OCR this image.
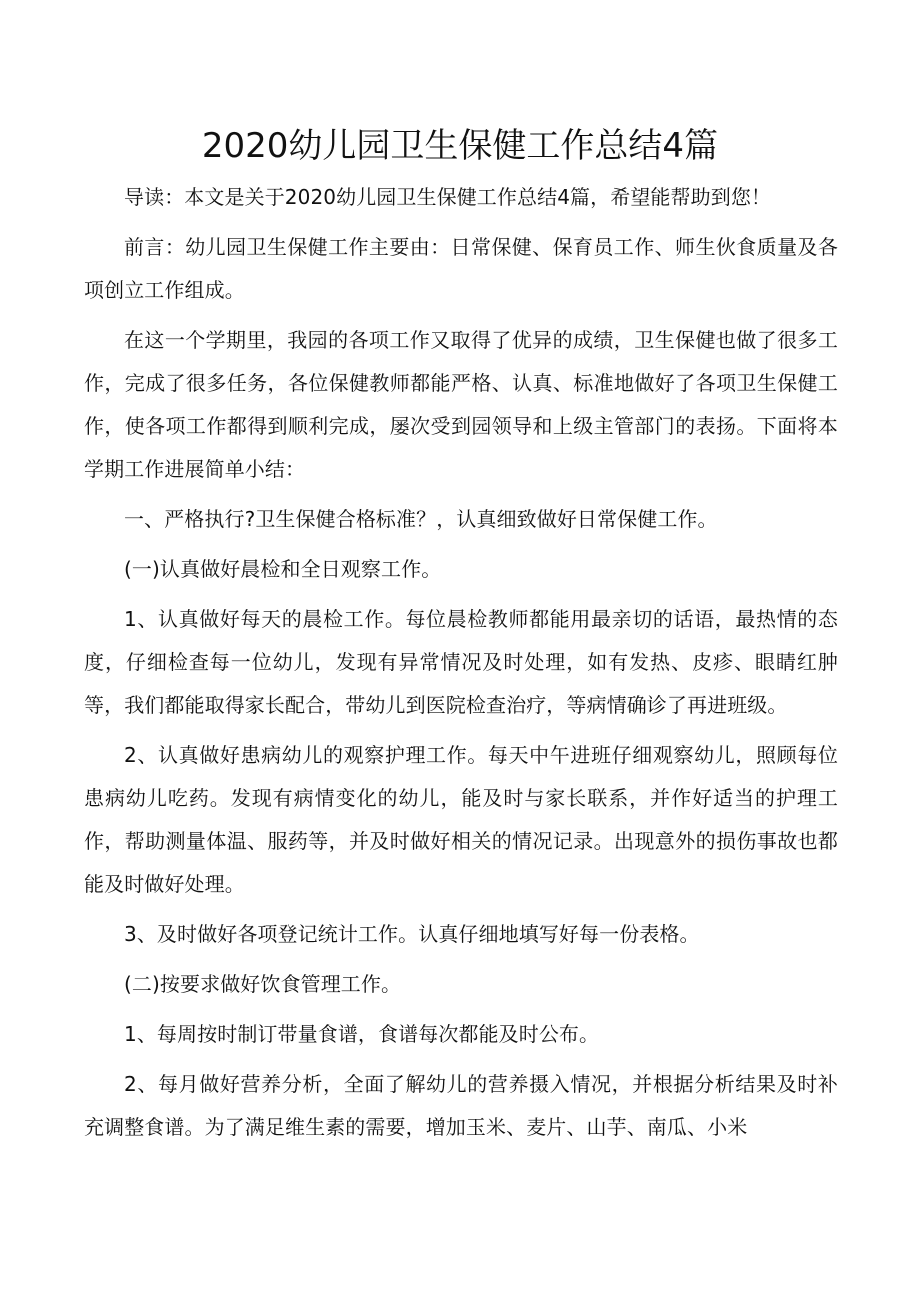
2020幼儿园卫生保健工作总结4篇

导读：本文是关于2020幼儿园卫生保健工作总结4篇，希望能帮助到您！

前言：幼儿园卫生保健工作主要由：日常保健、保育员工作、师生伙食质量及各项创立工作组成。

在这一个学期里，我园的各项工作又取得了优异的成绩，卫生保健也做了很多工作，完成了很多任务，各位保健教师都能严格、认真、标准地做好了各项卫生保健工作，使各项工作都得到顺利完成，屡次受到园领导和上级主管部门的表扬。下面将本学期工作进展简单小结：

一、严格执行?卫生保健合格标准？，认真细致做好日常保健工作。

(一)认真做好晨检和全日观察工作。

1、认真做好每天的晨检工作。每位晨检教师都能用最亲切的话语，最热情的态度，仔细检查每一位幼儿，发现有异常情况及时处理，如有发热、皮疹、眼睛红肿等，我们都能取得家长配合，带幼儿到医院检查治疗，等病情确诊了再进班级。

2、认真做好患病幼儿的观察护理工作。每天中午进班仔细观察幼儿，照顾每位患病幼儿吃药。发现有病情变化的幼儿，能及时与家长联系，并作好适当的护理工作，帮助测量体温、服药等，并及时做好相关的情况记录。出现意外的损伤事故也都能及时做好处理。

3、及时做好各项登记统计工作。认真仔细地填写好每一份表格。

(二)按要求做好饮食管理工作。

1、每周按时制订带量食谱，食谱每次都能及时公布。

2、每月做好营养分析，全面了解幼儿的营养摄入情况，并根据分析结果及时补充调整食谱。为了满足维生素的需要，增加玉米、麦片、山芋、南瓜、小米
